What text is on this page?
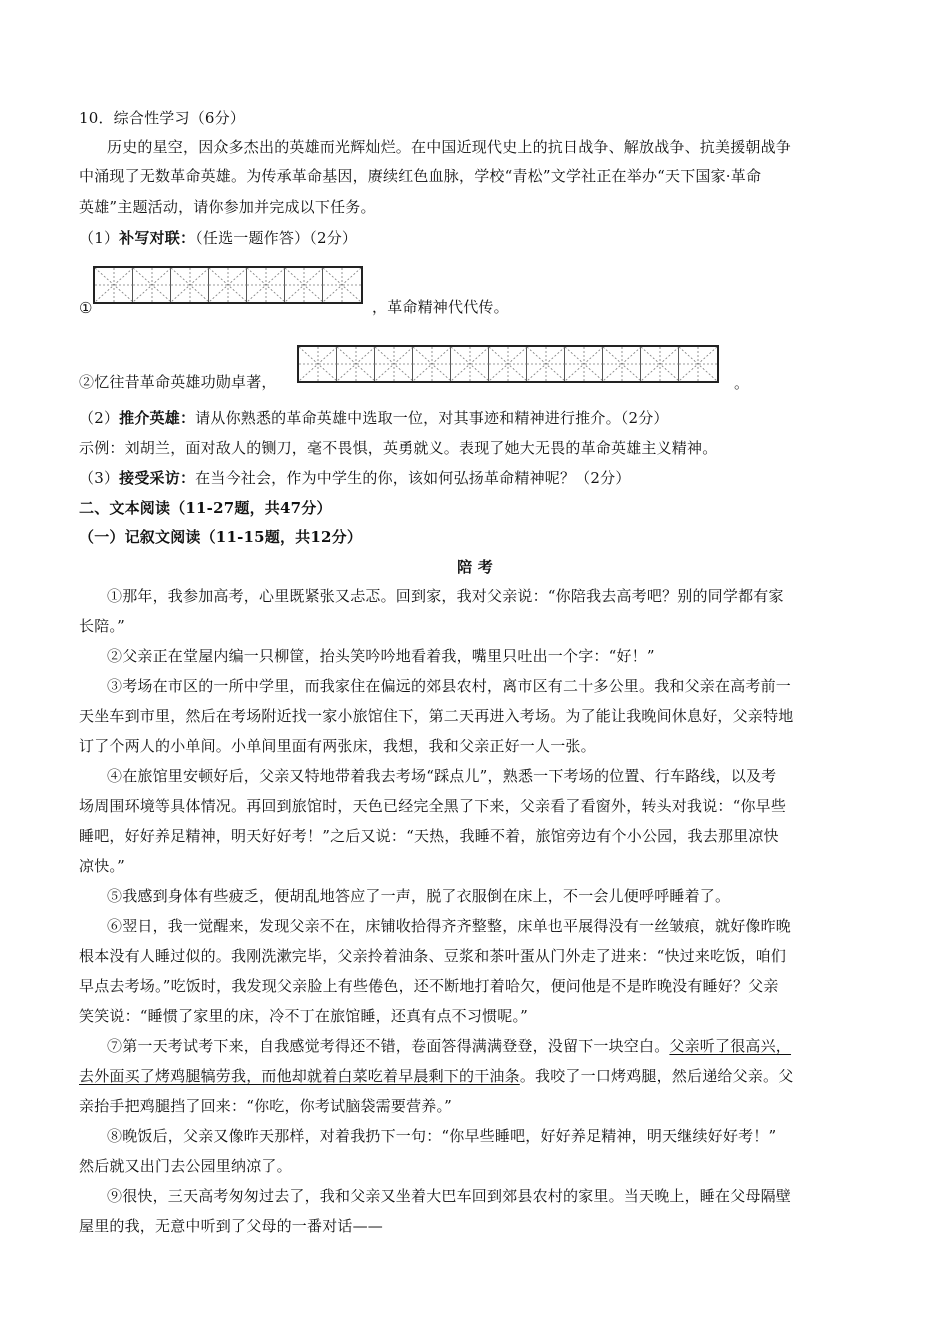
10．综合性学习（6分）
历史的星空，因众多杰出的英雄而光辉灿烂。在中国近现代史上的抗日战争、解放战争、抗美援朝战争
中涌现了无数革命英雄。为传承革命基因，赓续红色血脉，学校“青松”文学社正在举办“天下国家·革命
英雄”主题活动，请你参加并完成以下任务。
（1）补写对联：（任选一题作答）（2分）
①	，革命精神代代传。
②忆往昔革命英雄功勋卓著，	。
（2）推介英雄：请从你熟悉的革命英雄中选取一位，对其事迹和精神进行推介。（2分）
示例：刘胡兰，面对敌人的铡刀，毫不畏惧，英勇就义。表现了她大无畏的革命英雄主义精神。
（3）接受采访：在当今社会，作为中学生的你，该如何弘扬革命精神呢？（2分）
二、文本阅读（11-27题，共47分）
（一）记叙文阅读（11-15题，共12分）
陪 考
①那年，我参加高考，心里既紧张又忐忑。回到家，我对父亲说：“你陪我去高考吧？别的同学都有家
长陪。”
②父亲正在堂屋内编一只柳筐，抬头笑吟吟地看着我，嘴里只吐出一个字：“好！”
③考场在市区的一所中学里，而我家住在偏远的郊县农村，离市区有二十多公里。我和父亲在高考前一
天坐车到市里，然后在考场附近找一家小旅馆住下，第二天再进入考场。为了能让我晚间休息好，父亲特地
订了个两人的小单间。小单间里面有两张床，我想，我和父亲正好一人一张。
④在旅馆里安顿好后，父亲又特地带着我去考场“踩点儿”，熟悉一下考场的位置、行车路线，以及考
场周围环境等具体情况。再回到旅馆时，天色已经完全黑了下来，父亲看了看窗外，转头对我说：“你早些
睡吧，好好养足精神，明天好好考！”之后又说：“天热，我睡不着，旅馆旁边有个小公园，我去那里凉快
凉快。”
⑤我感到身体有些疲乏，便胡乱地答应了一声，脱了衣服倒在床上，不一会儿便呼呼睡着了。
⑥翌日，我一觉醒来，发现父亲不在，床铺收拾得齐齐整整，床单也平展得没有一丝皱痕，就好像昨晚
根本没有人睡过似的。我刚洗漱完毕，父亲拎着油条、豆浆和茶叶蛋从门外走了进来：“快过来吃饭，咱们
早点去考场。”吃饭时，我发现父亲脸上有些倦色，还不断地打着哈欠，便问他是不是昨晚没有睡好？父亲
笑笑说：“睡惯了家里的床，冷不丁在旅馆睡，还真有点不习惯呢。”
⑦第一天考试考下来，自我感觉考得还不错，卷面答得满满登登，没留下一块空白。父亲听了很高兴，
去外面买了烤鸡腿犒劳我，而他却就着白菜吃着早晨剩下的干油条。我咬了一口烤鸡腿，然后递给父亲。父
亲抬手把鸡腿挡了回来：“你吃，你考试脑袋需要营养。”
⑧晚饭后，父亲又像昨天那样，对着我扔下一句：“你早些睡吧，好好养足精神，明天继续好好考！”
然后就又出门去公园里纳凉了。
⑨很快，三天高考匆匆过去了，我和父亲又坐着大巴车回到郊县农村的家里。当天晚上，睡在父母隔壁
屋里的我，无意中听到了父母的一番对话——
